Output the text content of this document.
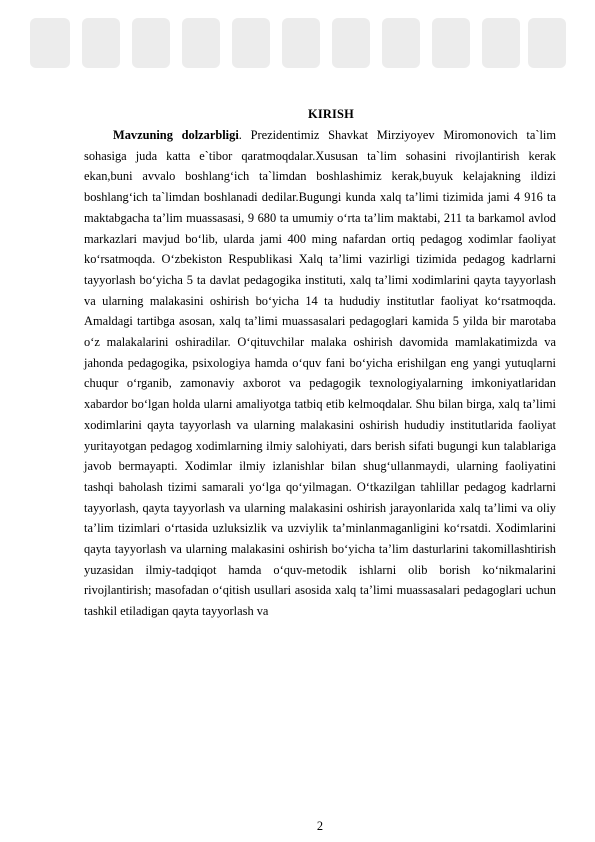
KIRISH

Mavzuning dolzarbligi. Prezidentimiz Shavkat Mirziyoyev Miromonovich ta`lim sohasiga juda katta e`tibor qaratmoqdalar.Xususan ta`lim sohasini rivojlantirish kerak ekan,buni avvalo boshlang‘ich ta`limdan boshlashimiz kerak,buyuk kelajakning ildizi boshlang‘ich ta`limdan boshlanadi dedilar.Bugungi kunda xalq ta’limi tizimida jami 4 916 ta maktabgacha ta’lim muassasasi, 9 680 ta umumiy o‘rta ta’lim maktabi, 211 ta barkamol avlod markazlari mavjud bo‘lib, ularda jami 400 ming nafardan ortiq pedagog xodimlar faoliyat ko‘rsatmoqda. O‘zbekiston Respublikasi Xalq ta’limi vazirligi tizimida pedagog kadrlarni tayyorlash bo‘yicha 5 ta davlat pedagogika instituti, xalq ta’limi xodimlarini qayta tayyorlash va ularning malakasini oshirish bo‘yicha 14 ta hududiy institutlar faoliyat ko‘rsatmoqda. Amaldagi tartibga asosan, xalq ta’limi muassasalari pedagoglari kamida 5 yilda bir marotaba o‘z malakalarini oshiradilar. O‘qituvchilar malaka oshirish davomida mamlakatimizda va jahonda pedagogika, psixologiya hamda o‘quv fani bo‘yicha erishilgan eng yangi yutuqlarni chuqur o‘rganib, zamonaviy axborot va pedagogik texnologiyalarning imkoniyatlaridan xabardor bo‘lgan holda ularni amaliyotga tatbiq etib kelmoqdalar. Shu bilan birga, xalq ta’limi xodimlarini qayta tayyorlash va ularning malakasini oshirish hududiy institutlarida faoliyat yuritayotgan pedagog xodimlarning ilmiy salohiyati, dars berish sifati bugungi kun talablariga javob bermayapti. Xodimlar ilmiy izlanishlar bilan shug‘ullanmaydi, ularning faoliyatini tashqi baholash tizimi samarali yo‘lga qo‘yilmagan. O‘tkazilgan tahlillar pedagog kadrlarni tayyorlash, qayta tayyorlash va ularning malakasini oshirish jarayonlarida xalq ta’limi va oliy ta’lim tizimlari o‘rtasida uzluksizlik va uzviylik ta’minlanmaganligini ko‘rsatdi. Xodimlarini qayta tayyorlash va ularning malakasini oshirish bo‘yicha ta’lim dasturlarini takomillashtirish yuzasidan ilmiy-tadqiqot hamda o‘quv-metodik ishlarni olib borish ko‘nikmalarini rivojlantirish; masofadan o‘qitish usullari asosida xalq ta’limi muassasalari pedagoglari uchun tashkil etiladigan qayta tayyorlash va

2
